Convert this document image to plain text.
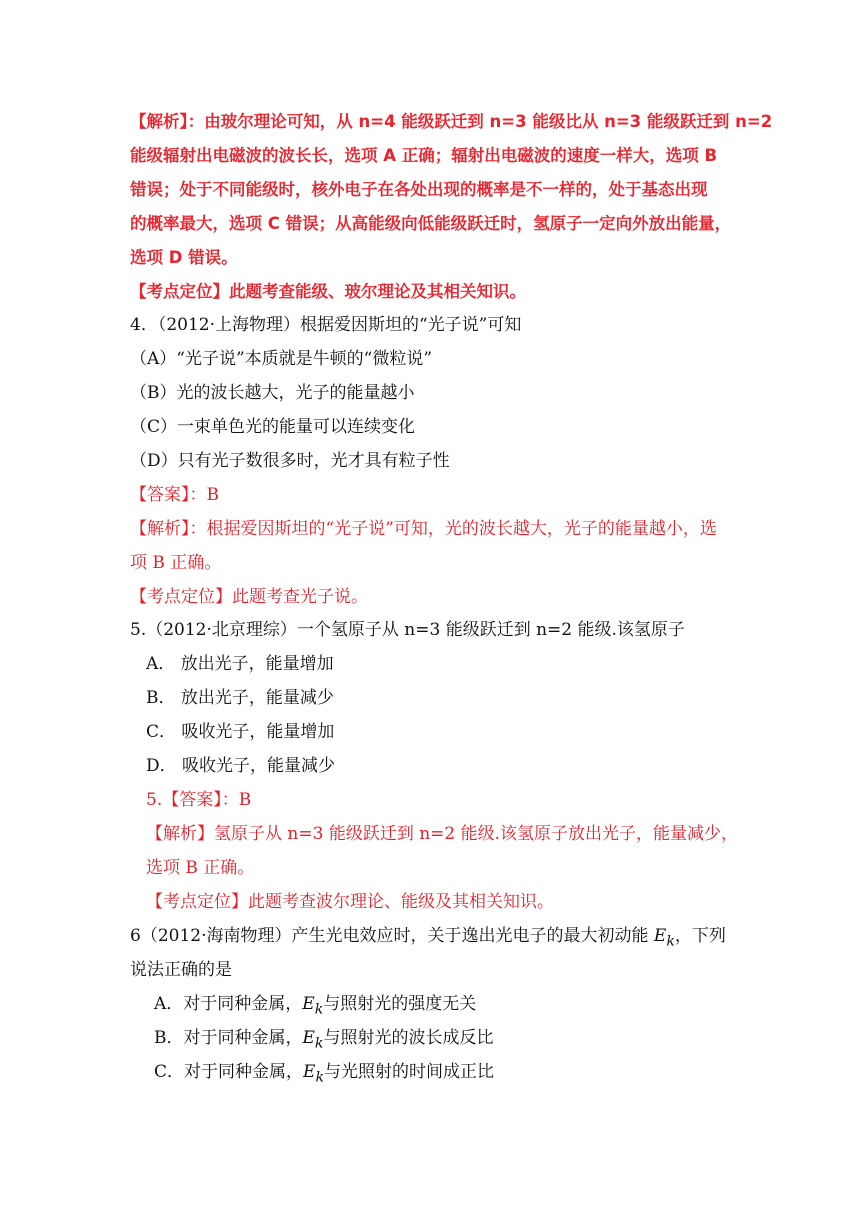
【解析】：由玻尔理论可知，从 n=4 能级跃迁到 n=3 能级比从 n=3 能级跃迁到 n=2
能级辐射出电磁波的波长长，选项 A 正确；辐射出电磁波的速度一样大，选项 B
错误；处于不同能级时，核外电子在各处出现的概率是不一样的，处于基态出现
的概率最大，选项 C 错误；从高能级向低能级跃迁时，氢原子一定向外放出能量，
选项 D 错误。
【考点定位】此题考查能级、玻尔理论及其相关知识。
4．（2012·上海物理）根据爱因斯坦的“光子说”可知
（A）“光子说”本质就是牛顿的“微粒说”
（B）光的波长越大，光子的能量越小
（C）一束单色光的能量可以连续变化
（D）只有光子数很多时，光才具有粒子性
【答案】：B
【解析】：根据爱因斯坦的“光子说”可知，光的波长越大，光子的能量越小，选
项 B 正确。
【考点定位】此题考查光子说。
5.（2012·北京理综）一个氢原子从 n=3 能级跃迁到 n=2 能级.该氢原子
A． 放出光子，能量增加
B． 放出光子，能量减少
C． 吸收光子，能量增加
D． 吸收光子，能量减少
5.【答案】：B
【解析】氢原子从 n=3 能级跃迁到 n=2 能级.该氢原子放出光子，能量减少，
选项 B 正确。
【考点定位】此题考查波尔理论、能级及其相关知识。
6（2012·海南物理）产生光电效应时，关于逸出光电子的最大初动能 $E_k$，下列
说法正确的是
A．对于同种金属，$E_k$与照射光的强度无关
B．对于同种金属，$E_k$与照射光的波长成反比
C．对于同种金属，$E_k$与光照射的时间成正比
